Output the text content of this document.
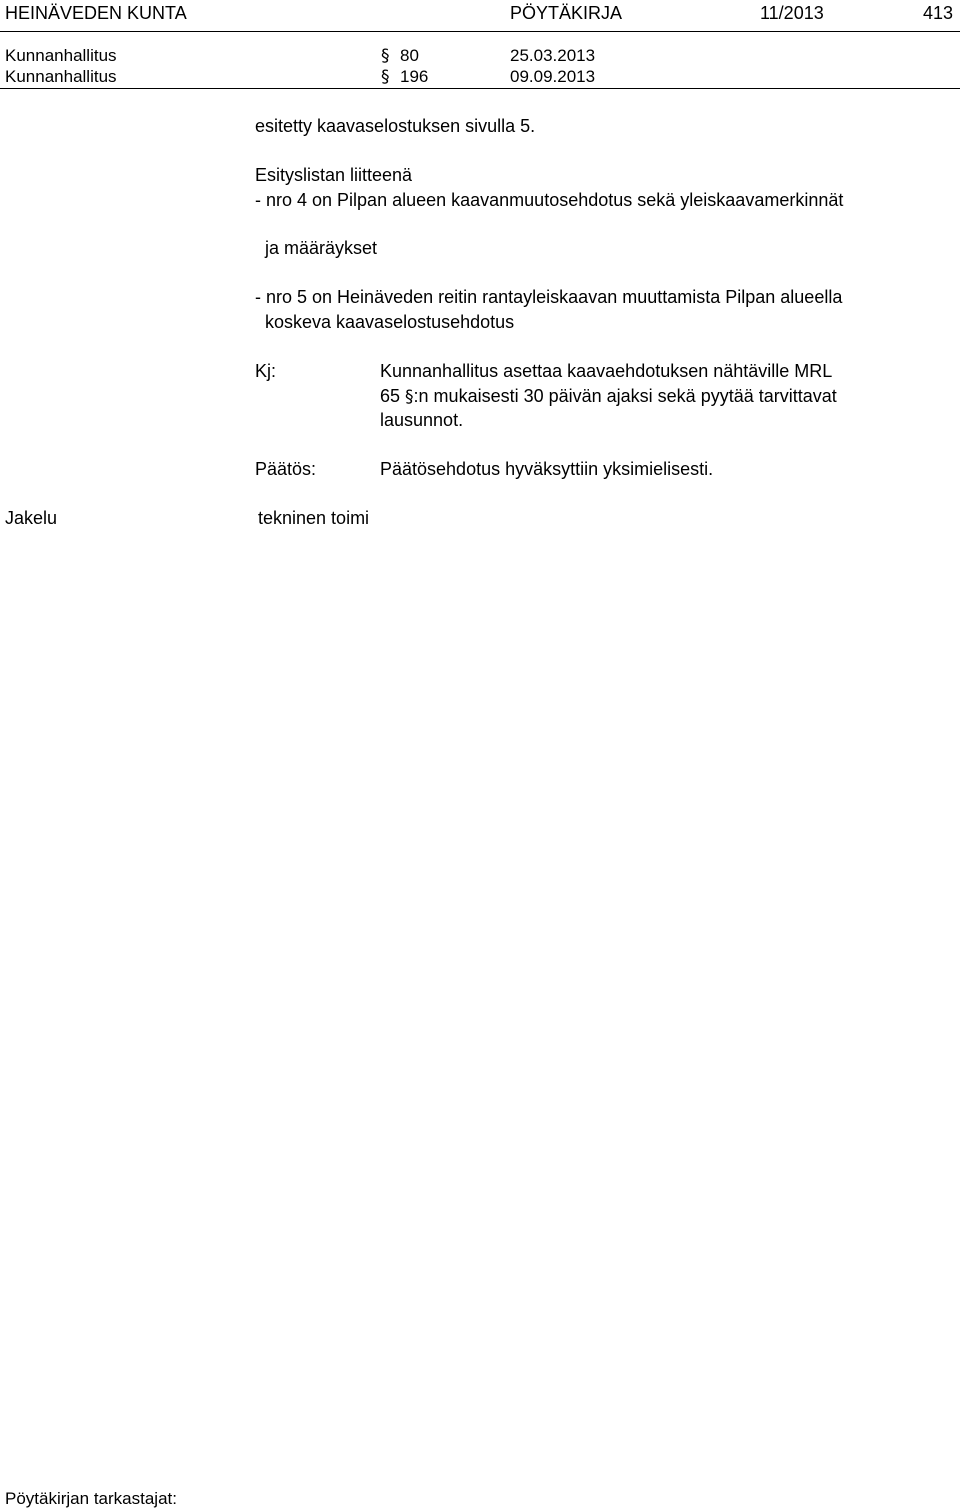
HEINÄVEDEN KUNTA	PÖYTÄKIRJA	11/2013	413
Kunnanhallitus	§ 80	25.03.2013
Kunnanhallitus	§ 196	09.09.2013
esitetty kaavaselostuksen sivulla 5.
Esityslistan liitteenä
- nro 4 on Pilpan alueen kaavanmuutosehdotus sekä yleiskaavamerkinnät
ja määräykset
- nro 5 on Heinäveden reitin rantayleiskaavan muuttamista Pilpan alueella
koskeva kaavaselostusehdotus
Kj:	Kunnanhallitus asettaa kaavaehdotuksen nähtäville MRL
65 §:n mukaisesti 30 päivän ajaksi sekä pyytää tarvittavat
lausunnot.
Päätös:	Päätösehdotus hyväksyttiin yksimielisesti.
Jakelu	tekninen toimi
Pöytäkirjan tarkastajat:
